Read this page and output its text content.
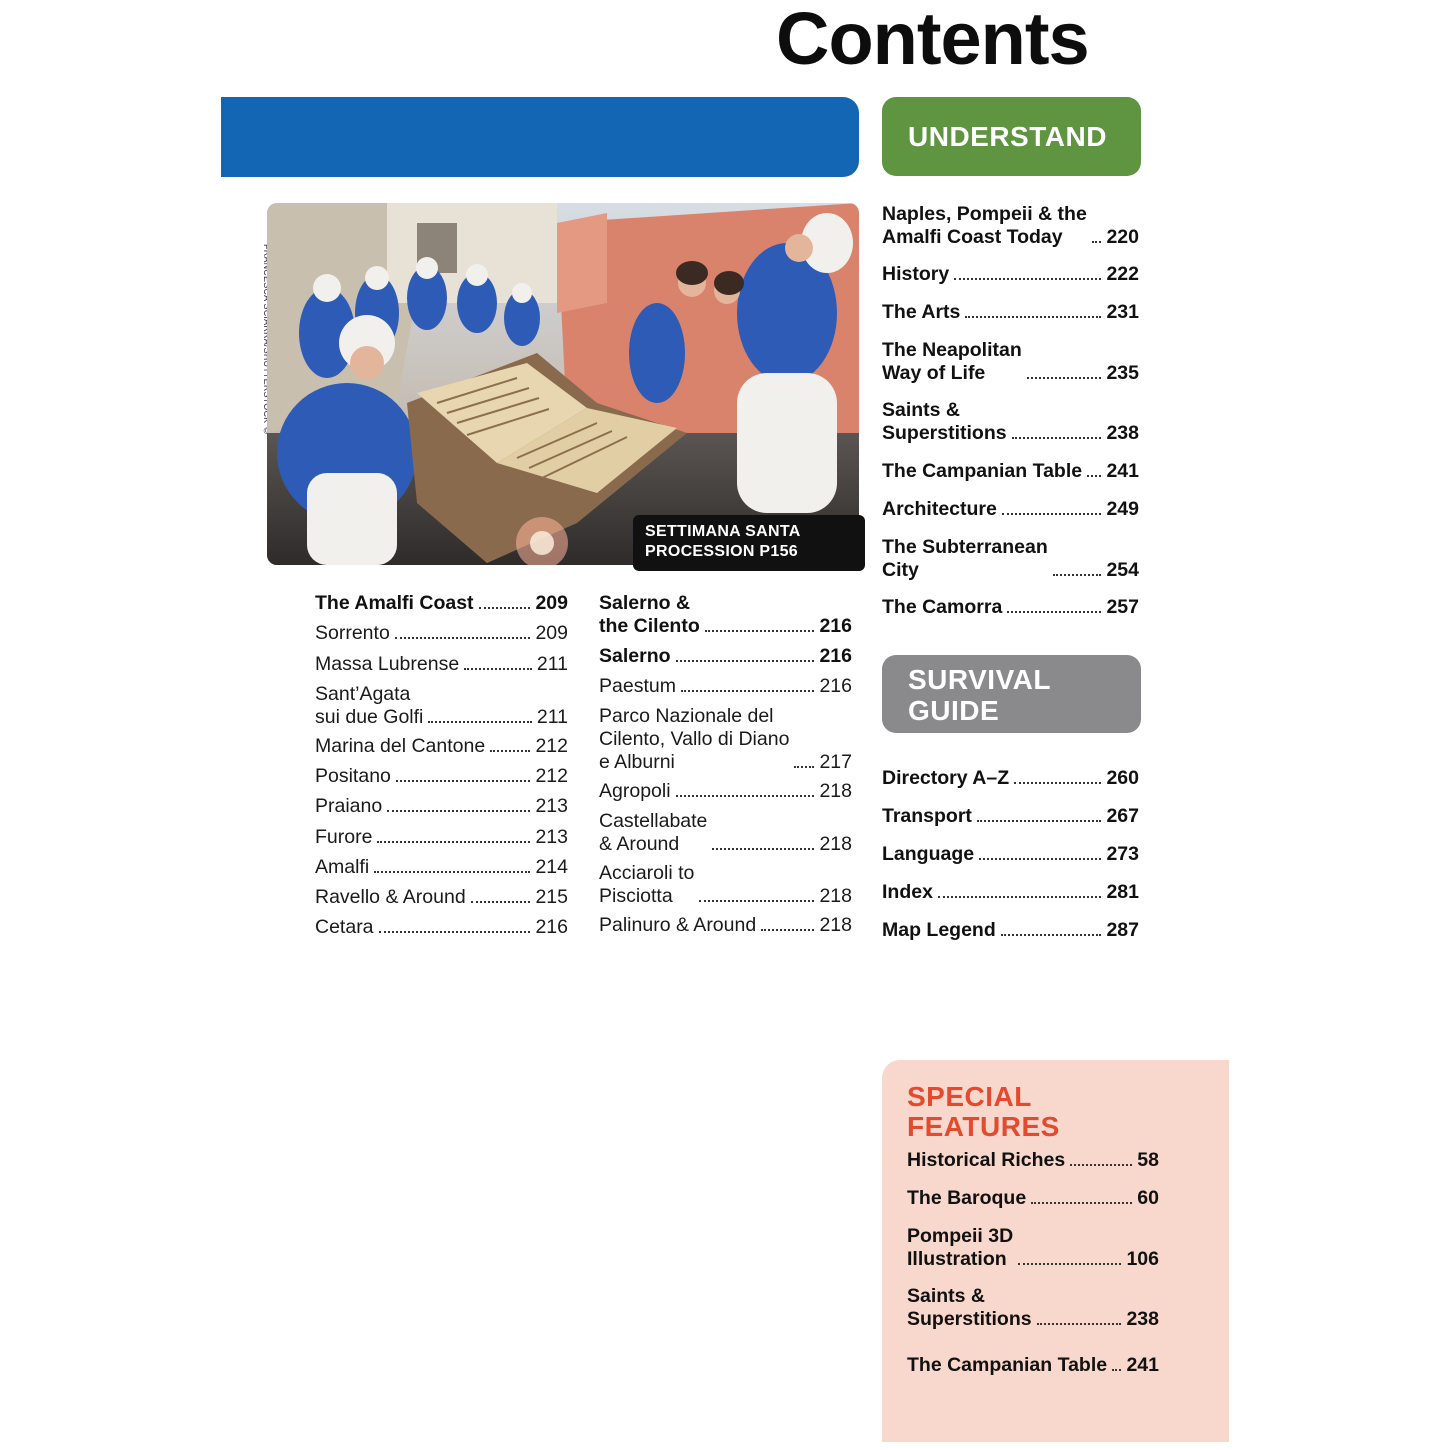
Contents
SETTIMANA SANTA
PROCESSION P156
UNDERSTAND
SURVIVAL
GUIDE
SPECIAL
FEATURES
The Amalfi Coast	209
Sorrento	209
Massa Lubrense	211
Sant’Agata
sui due Golfi	211
Marina del Cantone	212
Positano	212
Praiano	213
Furore	213
Amalfi	214
Ravello & Around	215
Cetara	216
Salerno &
the Cilento	216
Salerno	216
Paestum	216
Parco Nazionale del
Cilento, Vallo di Diano
e Alburni	217
Agropoli	218
Castellabate
& Around	218
Acciaroli to
Pisciotta	218
Palinuro & Around	218
Naples, Pompeii & the
Amalfi Coast Today	220
History	222
The Arts	231
The Neapolitan
Way of Life	235
Saints &
Superstitions	238
The Campanian Table 241
Architecture	249
The Subterranean
City	254
The Camorra	257
Directory A–Z	260
Transport	267
Language	273
Index	281
Map Legend	287
Historical Riches	58
The Baroque	60
Pompeii 3D
Illustration	106
Saints &
Superstitions	238
The Campanian Table 241
